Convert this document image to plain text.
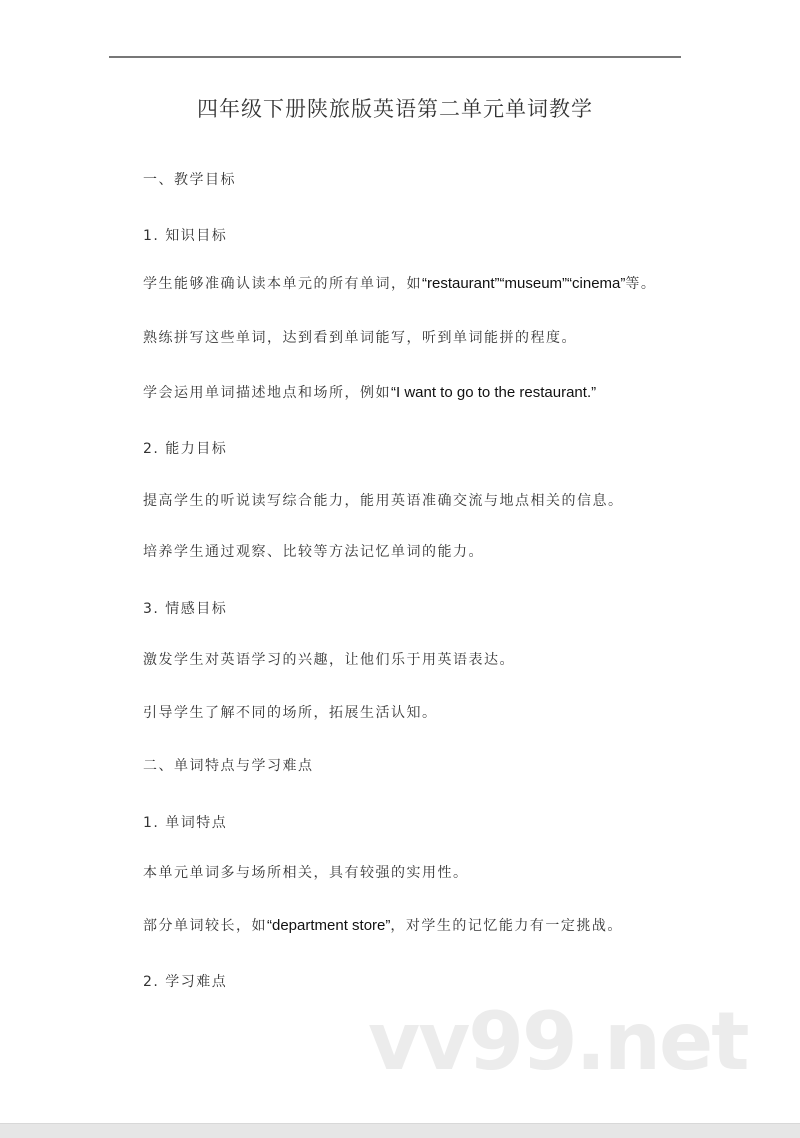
四年级下册陕旅版英语第二单元单词教学
一、教学目标
1. 知识目标
学生能够准确认读本单元的所有单词，如“restaurant”“museum”“cinema”等。
熟练拼写这些单词，达到看到单词能写，听到单词能拼的程度。
学会运用单词描述地点和场所，例如“I want to go to the restaurant.”
2. 能力目标
提高学生的听说读写综合能力，能用英语准确交流与地点相关的信息。
培养学生通过观察、比较等方法记忆单词的能力。
3. 情感目标
激发学生对英语学习的兴趣，让他们乐于用英语表达。
引导学生了解不同的场所，拓展生活认知。
二、单词特点与学习难点
1. 单词特点
本单元单词多与场所相关，具有较强的实用性。
部分单词较长，如“department store”，对学生的记忆能力有一定挑战。
2. 学习难点
vv99.net
